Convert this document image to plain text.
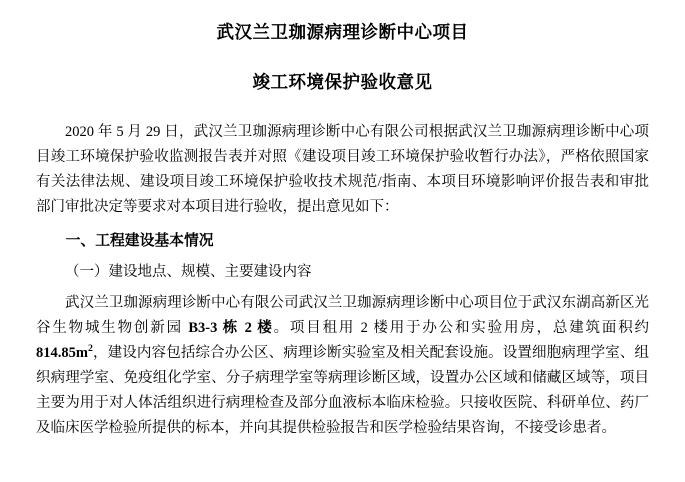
武汉兰卫珈源病理诊断中心项目
竣工环境保护验收意见

2020 年 5 月 29 日，武汉兰卫珈源病理诊断中心有限公司根据武汉兰卫珈源病理诊断中心项目竣工环境保护验收监测报告表并对照《建设项目竣工环境保护验收暂行办法》，严格依照国家有关法律法规、建设项目竣工环境保护验收技术规范/指南、本项目环境影响评价报告表和审批部门审批决定等要求对本项目进行验收，提出意见如下：

一、工程建设基本情况

（一）建设地点、规模、主要建设内容

武汉兰卫珈源病理诊断中心有限公司武汉兰卫珈源病理诊断中心项目位于武汉东湖高新区光谷生物城生物创新园 B3-3 栋 2 楼。项目租用 2 楼用于办公和实验用房，总建筑面积约 $814.85m^2$，建设内容包括综合办公区、病理诊断实验室及相关配套设施。设置细胞病理学室、组织病理学室、免疫组化学室、分子病理学室等病理诊断区域，设置办公区域和储藏区域等，项目主要为用于对人体活组织进行病理检查及部分血液标本临床检验。只接收医院、科研单位、药厂及临床医学检验所提供的标本，并向其提供检验报告和医学检验结果咨询，不接受诊患者。
